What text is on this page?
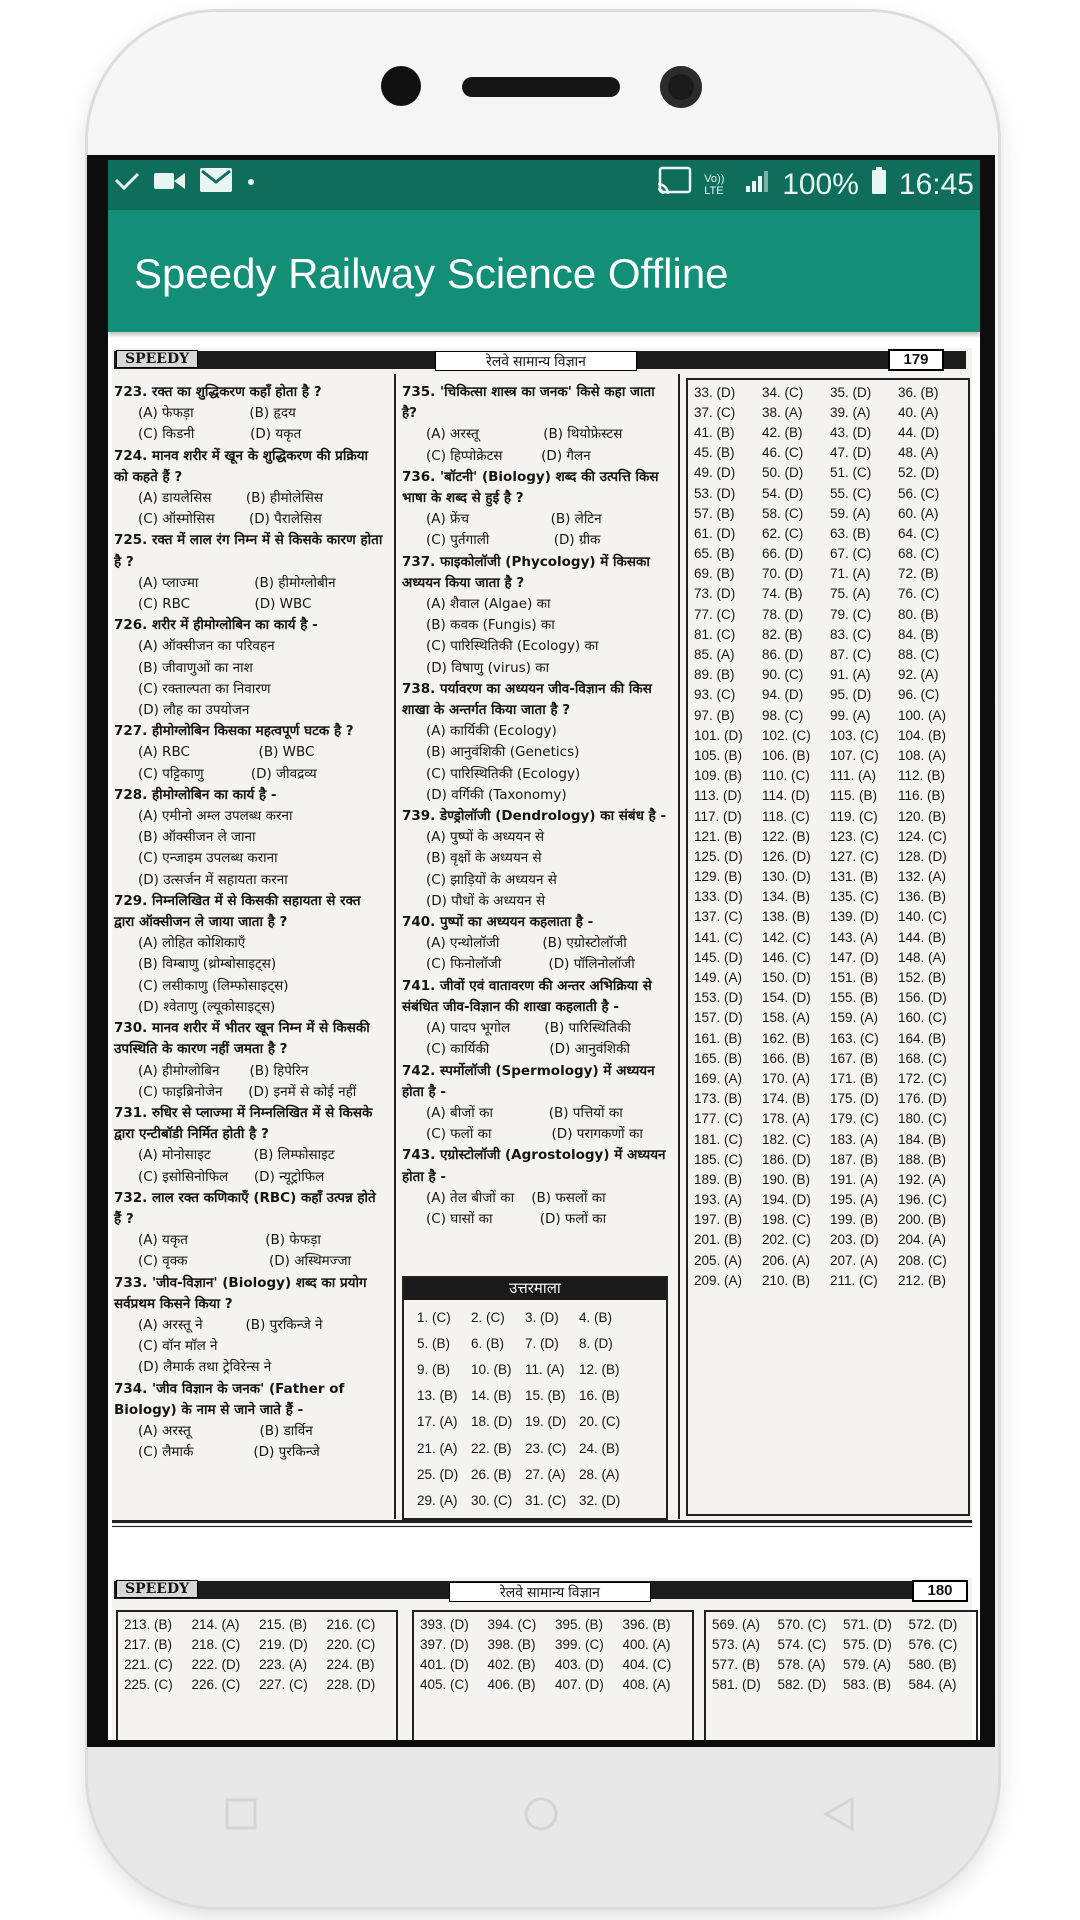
Vo)) LTE 100% 16:45
Speedy Railway Science Offline
SPEEDY	रेलवे सामान्य विज्ञान	179
723. रक्त का शुद्धिकरण कहाँ होता है ?
(A) फेफड़ा             (B) हृदय
(C) किडनी             (D) यकृत
724. मानव शरीर में खून के शुद्धिकरण की प्रक्रिया को कहते हैं ?
(A) डायलेसिस        (B) हीमोलेसिस
(C) ऑस्मोसिस        (D) पैरालेसिस
725. रक्त में लाल रंग निम्न में से किसके कारण होता है ?
(A) प्लाज्मा             (B) हीमोग्लोबीन
(C) RBC               (D) WBC
726. शरीर में हीमोग्लोबिन का कार्य है -
(A) ऑक्सीजन का परिवहन
(B) जीवाणुओं का नाश
(C) रक्ताल्पता का निवारण
(D) लौह का उपयोजन
727. हीमोग्लोबिन किसका महत्वपूर्ण घटक है ?
(A) RBC                (B) WBC
(C) पट्टिकाणु           (D) जीवद्रव्य
728. हीमोग्लोबिन का कार्य है -
(A) एमीनो अम्ल उपलब्ध करना
(B) ऑक्सीजन ले जाना
(C) एन्जाइम उपलब्ध कराना
(D) उत्सर्जन में सहायता करना
729. निम्नलिखित में से किसकी सहायता से रक्त द्वारा ऑक्सीजन ले जाया जाता है ?
(A) लोहित कोशिकाएँ
(B) विम्बाणु (थ्रोम्बोसाइट्स)
(C) लसीकाणु (लिम्फोसाइट्स)
(D) श्वेताणु (ल्यूकोसाइट्स)
730. मानव शरीर में भीतर खून निम्न में से किसकी उपस्थिति के कारण नहीं जमता है ?
(A) हीमोग्लोबिन       (B) हिपेरिन
(C) फाइब्रिनोजेन      (D) इनमें से कोई नहीं
731. रुधिर से प्लाज्मा में निम्नलिखित में से किसके द्वारा एन्टीबॉडी निर्मित होती है ?
(A) मोनोसाइट          (B) लिम्फोसाइट
(C) इसोसिनोफिल      (D) न्यूट्रोफिल
732. लाल रक्त कणिकाएँ (RBC) कहाँ उत्पन्न होते हैं ?
(A) यकृत                  (B) फेफड़ा
(C) वृक्क                   (D) अस्थिमज्जा
733. 'जीव-विज्ञान' (Biology) शब्द का प्रयोग सर्वप्रथम किसने किया ?
(A) अरस्तू ने          (B) पुरकिन्जे ने
(C) वॉन मॉल ने
(D) लैमार्क तथा ट्रेविरेन्स ने
734. 'जीव विज्ञान के जनक' (Father of Biology) के नाम से जाने जाते हैं -
(A) अरस्तू                (B) डार्विन
(C) लैमार्क              (D) पुरकिन्जे
735. 'चिकित्सा शास्त्र का जनक' किसे कहा जाता है?
(A) अरस्तू               (B) थियोफ्रेस्टस
(C) हिप्पोक्रेटस         (D) गैलन
736. 'बॉटनी' (Biology) शब्द की उत्पत्ति किस भाषा के शब्द से हुई है ?
(A) फ्रेंच                   (B) लेटिन
(C) पुर्तगाली               (D) ग्रीक
737. फाइकोलॉजी (Phycology) में किसका अध्ययन किया जाता है ?
(A) शैवाल (Algae) का
(B) कवक (Fungis) का
(C) पारिस्थितिकी (Ecology) का
(D) विषाणु (virus) का
738. पर्यावरण का अध्ययन जीव-विज्ञान की किस शाखा के अन्तर्गत किया जाता है ?
(A) कार्यिकी (Ecology)
(B) आनुवंशिकी (Genetics)
(C) पारिस्थितिकी (Ecology)
(D) वर्गिकी (Taxonomy)
739. डेण्ड्रोलॉजी (Dendrology) का संबंध है -
(A) पुष्पों के अध्ययन से
(B) वृक्षों के अध्ययन से
(C) झाड़ियों के अध्ययन से
(D) पौधों के अध्ययन से
740. पुष्पों का अध्ययन कहलाता है -
(A) एन्थोलॉजी          (B) एग्रोस्टोलॉजी
(C) फिनोलॉजी           (D) पॉलिनोलॉजी
741. जीवों एवं वातावरण की अन्तर अभिक्रिया से संबंधित जीव-विज्ञान की शाखा कहलाती है -
(A) पादप भूगोल        (B) पारिस्थितिकी
(C) कार्यिकी              (D) आनुवंशिकी
742. स्पर्मोलॉजी (Spermology) में अध्ययन होता है -
(A) बीजों का             (B) पत्तियों का
(C) फलों का              (D) परागकणों का
743. एग्रोस्टोलॉजी (Agrostology) में अध्ययन होता है -
(A) तेल बीजों का    (B) फसलों का
(C) घासों का           (D) फलों का
उत्तरमाला
1. (C)	2. (C)	3. (D)	4. (B)
5. (B)	6. (B)	7. (D)	8. (D)
9. (B)	10. (B)	11. (A)	12. (B)
13. (B)	14. (B)	15. (B)	16. (B)
17. (A)	18. (D)	19. (D)	20. (C)
21. (A)	22. (B)	23. (C)	24. (B)
25. (D)	26. (B)	27. (A)	28. (A)
29. (A)	30. (C)	31. (C)	32. (D)
33. (D)	34. (C)	35. (D)	36. (B)
37. (C)	38. (A)	39. (A)	40. (A)
41. (B)	42. (B)	43. (D)	44. (D)
45. (B)	46. (C)	47. (D)	48. (A)
49. (D)	50. (D)	51. (C)	52. (D)
53. (D)	54. (D)	55. (C)	56. (C)
57. (B)	58. (C)	59. (A)	60. (A)
61. (D)	62. (C)	63. (B)	64. (C)
65. (B)	66. (D)	67. (C)	68. (C)
69. (B)	70. (D)	71. (A)	72. (B)
73. (D)	74. (B)	75. (A)	76. (C)
77. (C)	78. (D)	79. (C)	80. (B)
81. (C)	82. (B)	83. (C)	84. (B)
85. (A)	86. (D)	87. (C)	88. (C)
89. (B)	90. (C)	91. (A)	92. (A)
93. (C)	94. (D)	95. (D)	96. (C)
97. (B)	98. (C)	99. (A)	100. (A)
101. (D)	102. (C)	103. (C)	104. (B)
105. (B)	106. (B)	107. (C)	108. (A)
109. (B)	110. (C)	111. (A)	112. (B)
113. (D)	114. (D)	115. (B)	116. (B)
117. (D)	118. (C)	119. (C)	120. (B)
121. (B)	122. (B)	123. (C)	124. (C)
125. (D)	126. (D)	127. (C)	128. (D)
129. (B)	130. (D)	131. (B)	132. (A)
133. (D)	134. (B)	135. (C)	136. (B)
137. (C)	138. (B)	139. (D)	140. (C)
141. (C)	142. (C)	143. (A)	144. (B)
145. (D)	146. (C)	147. (D)	148. (A)
149. (A)	150. (D)	151. (B)	152. (B)
153. (D)	154. (D)	155. (B)	156. (D)
157. (D)	158. (A)	159. (A)	160. (C)
161. (B)	162. (B)	163. (C)	164. (B)
165. (B)	166. (B)	167. (B)	168. (C)
169. (A)	170. (A)	171. (B)	172. (C)
173. (B)	174. (B)	175. (D)	176. (D)
177. (C)	178. (A)	179. (C)	180. (C)
181. (C)	182. (C)	183. (A)	184. (B)
185. (C)	186. (D)	187. (B)	188. (B)
189. (B)	190. (B)	191. (A)	192. (A)
193. (A)	194. (D)	195. (A)	196. (C)
197. (B)	198. (C)	199. (B)	200. (B)
201. (B)	202. (C)	203. (D)	204. (A)
205. (A)	206. (A)	207. (A)	208. (C)
209. (A)	210. (B)	211. (C)	212. (B)
SPEEDY	रेलवे सामान्य विज्ञान	180
213. (B)	214. (A)	215. (B)	216. (C)
217. (B)	218. (C)	219. (D)	220. (C)
221. (C)	222. (D)	223. (A)	224. (B)
225. (C)	226. (C)	227. (C)	228. (D)
393. (D)	394. (C)	395. (B)	396. (B)
397. (D)	398. (B)	399. (C)	400. (A)
401. (D)	402. (B)	403. (D)	404. (C)
405. (C)	406. (B)	407. (D)	408. (A)
569. (A)	570. (C)	571. (D)	572. (D)
573. (A)	574. (C)	575. (D)	576. (C)
577. (B)	578. (A)	579. (A)	580. (B)
581. (D)	582. (D)	583. (B)	584. (A)
